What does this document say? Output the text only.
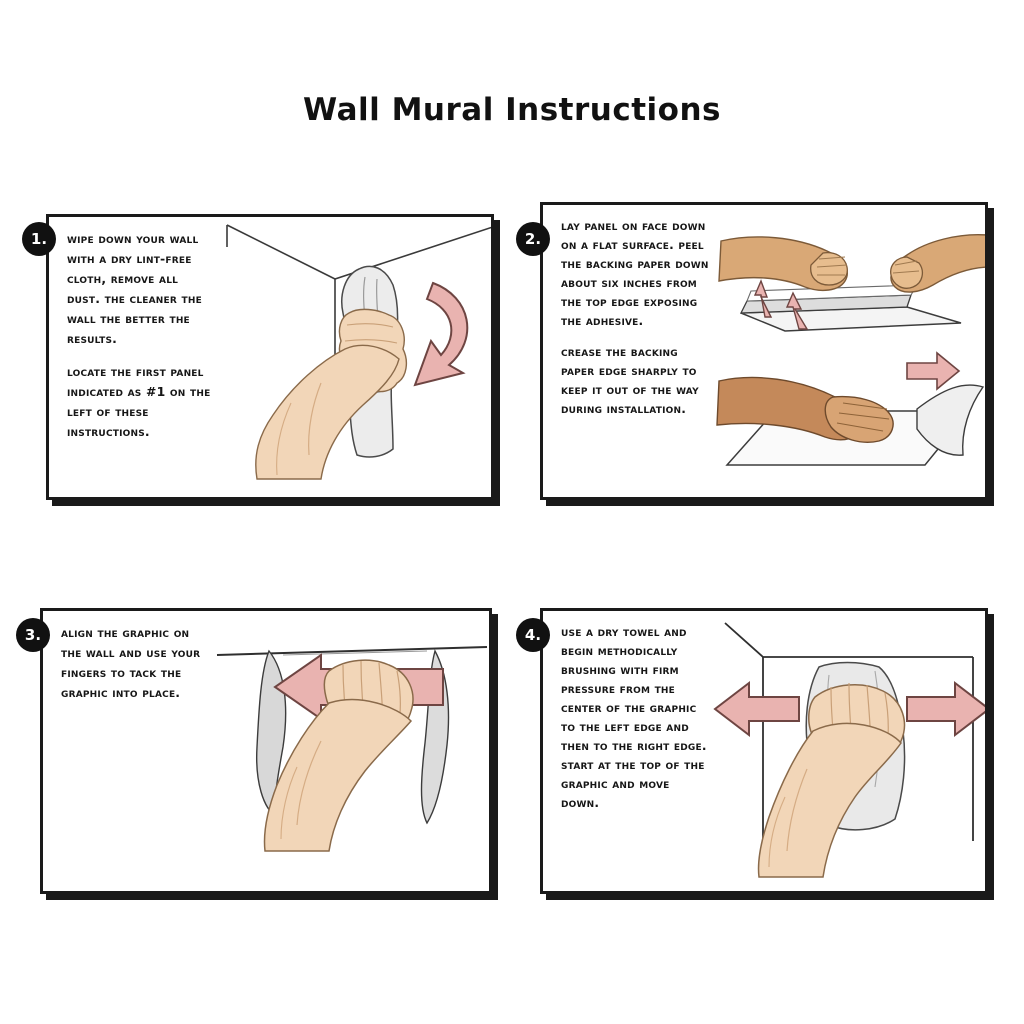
Wall Mural Instructions
1.	wipe down your wall with a dry lint-free cloth, remove all dust. the cleaner the wall the better the results.

locate the first panel indicated as #1 on the left of these instructions.

2.

lay panel on face down on a flat surface. peel the backing paper down about six inches from the top edge exposing the adhesive.

crease the backing paper edge sharply to keep it out of the way during installation.

3.	align the graphic on the wall and use your fingers to tack the graphic into place.

4.	use a dry towel and begin methodically brushing with firm pressure from the center of the graphic to the left edge and then to the right edge. start at the top of the graphic and move down.
